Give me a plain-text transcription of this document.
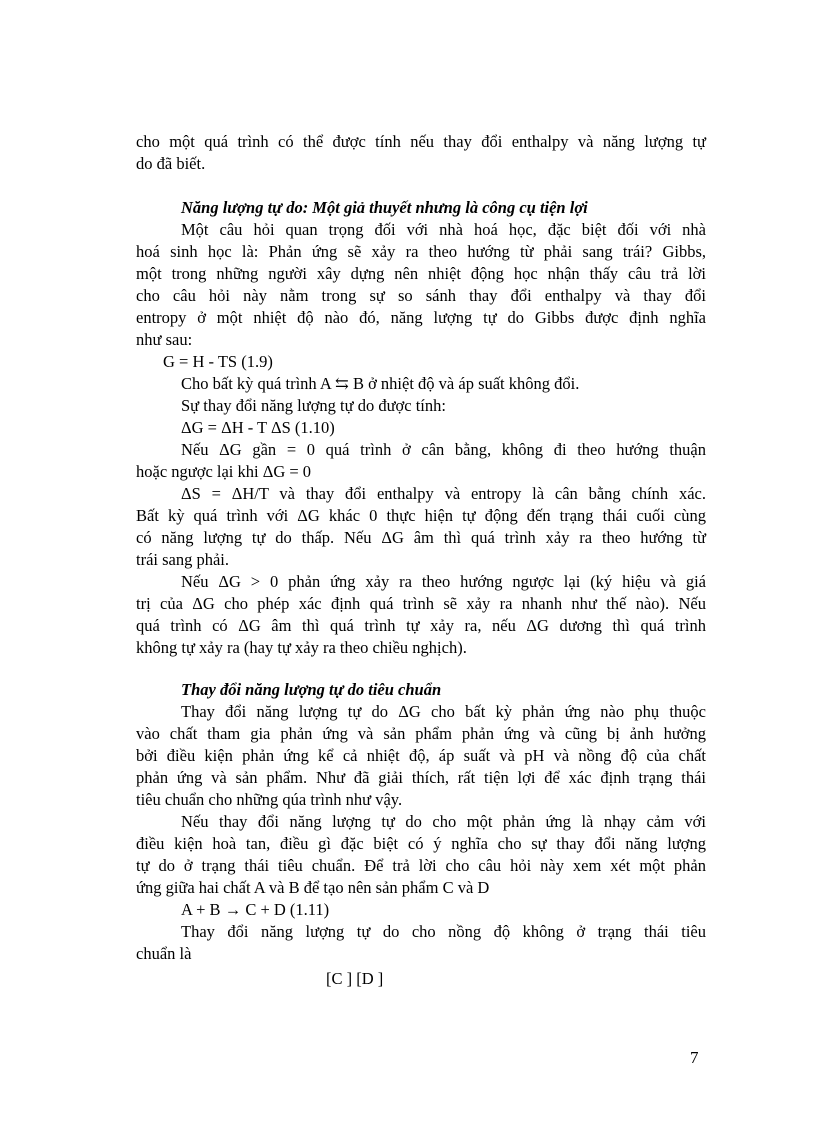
cho một quá trình có thể được tính nếu thay đổi enthalpy và năng lượng tự
do đã biết.
Năng lượng tự do: Một giả thuyết nhưng là công cụ tiện lợi
Một câu hỏi quan trọng đối với nhà hoá học, đặc biệt đối với nhà
hoá sinh học là: Phản ứng sẽ xảy ra theo hướng từ phải sang trái? Gibbs,
một trong những người xây dựng nên nhiệt động học nhận thấy câu trả lời
cho câu hỏi này nằm trong sự so sánh thay đổi enthalpy và thay đổi
entropy ở một nhiệt độ nào đó, năng lượng tự do Gibbs được định nghĩa
như sau:
G = H - TS (1.9)
Cho bất kỳ quá trình A ⇆ B ở nhiệt độ và áp suất không đổi.
Sự thay đổi năng lượng tự do được tính:
ΔG = ΔH - T ΔS (1.10)
Nếu ΔG gần = 0 quá trình ở cân bằng, không đi theo hướng thuận
hoặc ngược lại khi ΔG = 0
ΔS = ΔH/T và thay đổi enthalpy và entropy là cân bằng chính xác.
Bất kỳ quá trình với ΔG khác 0 thực hiện tự động đến trạng thái cuối cùng
có năng lượng tự do thấp. Nếu ΔG âm thì quá trình xảy ra theo hướng từ
trái sang phải.
Nếu ΔG > 0 phản ứng xảy ra theo hướng ngược lại (ký hiệu và giá
trị của ΔG cho phép xác định quá trình sẽ xảy ra nhanh như thế nào). Nếu
quá trình có ΔG âm thì quá trình tự xảy ra, nếu ΔG dương thì quá trình
không tự xảy ra (hay tự xảy ra theo chiều nghịch).
Thay đổi năng lượng tự do tiêu chuẩn
Thay đổi năng lượng tự do ΔG cho bất kỳ phản ứng nào phụ thuộc
vào chất tham gia phản ứng và sản phẩm phản ứng và cũng bị ảnh hưởng
bởi điều kiện phản ứng kể cả nhiệt độ, áp suất và pH và nồng độ của chất
phản ứng và sản phẩm. Như đã giải thích, rất tiện lợi để xác định trạng thái
tiêu chuẩn cho những qúa trình như vậy.
Nếu thay đổi năng lượng tự do cho một phản ứng là nhạy cảm với
điều kiện hoà tan, điều gì đặc biệt có ý nghĩa cho sự thay đổi năng lượng
tự do ở trạng thái tiêu chuẩn. Để trả lời cho câu hỏi này xem xét một phản
ứng giữa hai chất A và B để tạo nên sản phẩm C và D
A + B → C + D (1.11)
Thay đổi năng lượng tự do cho nồng độ không ở trạng thái tiêu
chuẩn là
[C ] [D ]
7
